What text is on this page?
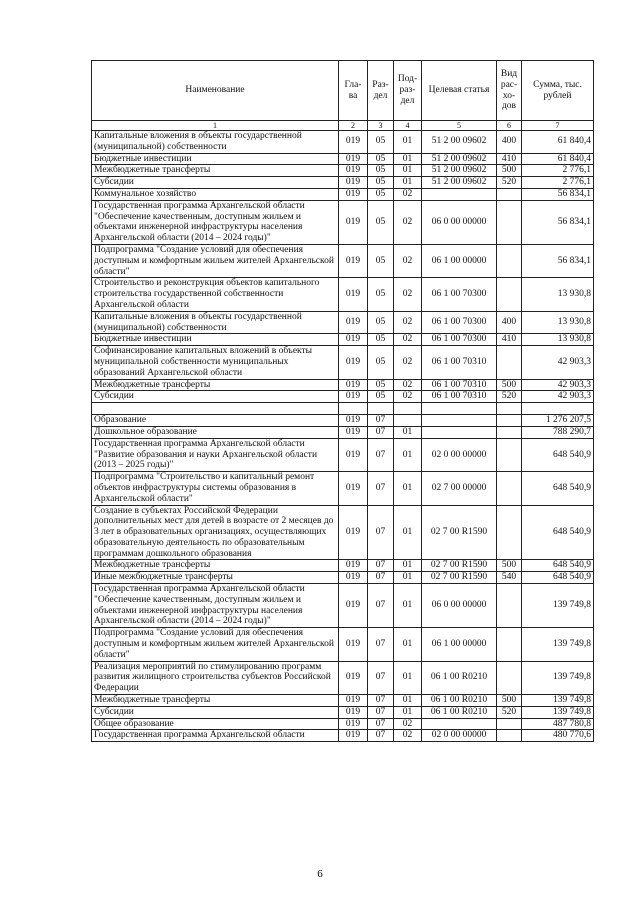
Наименование	Гла-ва	Раз-дел	Под-раз-дел	Целевая статья	Вид рас-хо-дов	Сумма, тыс. рублей
1	2	3	4	5	6	7
Капитальные вложения в объекты государственной (муниципальной) собственности	019	05	01	51 2 00 09602	400	61 840,4
Бюджетные инвестиции	019	05	01	51 2 00 09602	410	61 840,4
Межбюджетные трансферты	019	05	01	51 2 00 09602	500	2 776,1
Субсидии	019	05	01	51 2 00 09602	520	2 776,1
Коммунальное хозяйство	019	05	02			56 834,1
Государственная программа Архангельской области "Обеспечение качественным, доступным жильем и объектами инженерной инфраструктуры населения Архангельской области (2014 – 2024 годы)"	019	05	02	06 0 00 00000		56 834,1
Подпрограмма "Создание условий для обеспечения доступным и комфортным жильем жителей Архангельской области"	019	05	02	06 1 00 00000		56 834,1
Строительство и реконструкция объектов капитального строительства государственной собственности Архангельской области	019	05	02	06 1 00 70300		13 930,8
Капитальные вложения в объекты государственной (муниципальной) собственности	019	05	02	06 1 00 70300	400	13 930,8
Бюджетные инвестиции	019	05	02	06 1 00 70300	410	13 930,8
Софинансирование капитальных вложений в объекты муниципальной собственности муниципальных образований Архангельской области	019	05	02	06 1 00 70310		42 903,3
Межбюджетные трансферты	019	05	02	06 1 00 70310	500	42 903,3
Субсидии	019	05	02	06 1 00 70310	520	42 903,3

Образование	019	07				1 276 207,5
Дошкольное образование	019	07	01			788 290,7
Государственная программа Архангельской области "Развитие образования и науки Архангельской области (2013 – 2025 годы)"	019	07	01	02 0 00 00000		648 540,9
Подпрограмма "Строительство и капитальный ремонт объектов инфраструктуры системы образования в Архангельской области"	019	07	01	02 7 00 00000		648 540,9
Создание в субъектах Российской Федерации дополнительных мест для детей в возрасте от 2 месяцев до 3 лет в образовательных организациях, осуществляющих образовательную деятельность по образовательным программам дошкольного образования	019	07	01	02 7 00 R1590		648 540,9
Межбюджетные трансферты	019	07	01	02 7 00 R1590	500	648 540,9
Иные межбюджетные трансферты	019	07	01	02 7 00 R1590	540	648 540,9
Государственная программа Архангельской области "Обеспечение качественным, доступным жильем и объектами инженерной инфраструктуры населения Архангельской области (2014 – 2024 годы)"	019	07	01	06 0 00 00000		139 749,8
Подпрограмма "Создание условий для обеспечения доступным и комфортным жильем жителей Архангельской области"	019	07	01	06 1 00 00000		139 749,8
Реализация мероприятий по стимулированию программ развития жилищного строительства субъектов Российской Федерации	019	07	01	06 1 00 R0210		139 749,8
Межбюджетные трансферты	019	07	01	06 1 00 R0210	500	139 749,8
Субсидии	019	07	01	06 1 00 R0210	520	139 749,8
Общее образование	019	07	02			487 780,8
Государственная программа Архангельской области	019	07	02	02 0 00 00000		480 770,6
6
